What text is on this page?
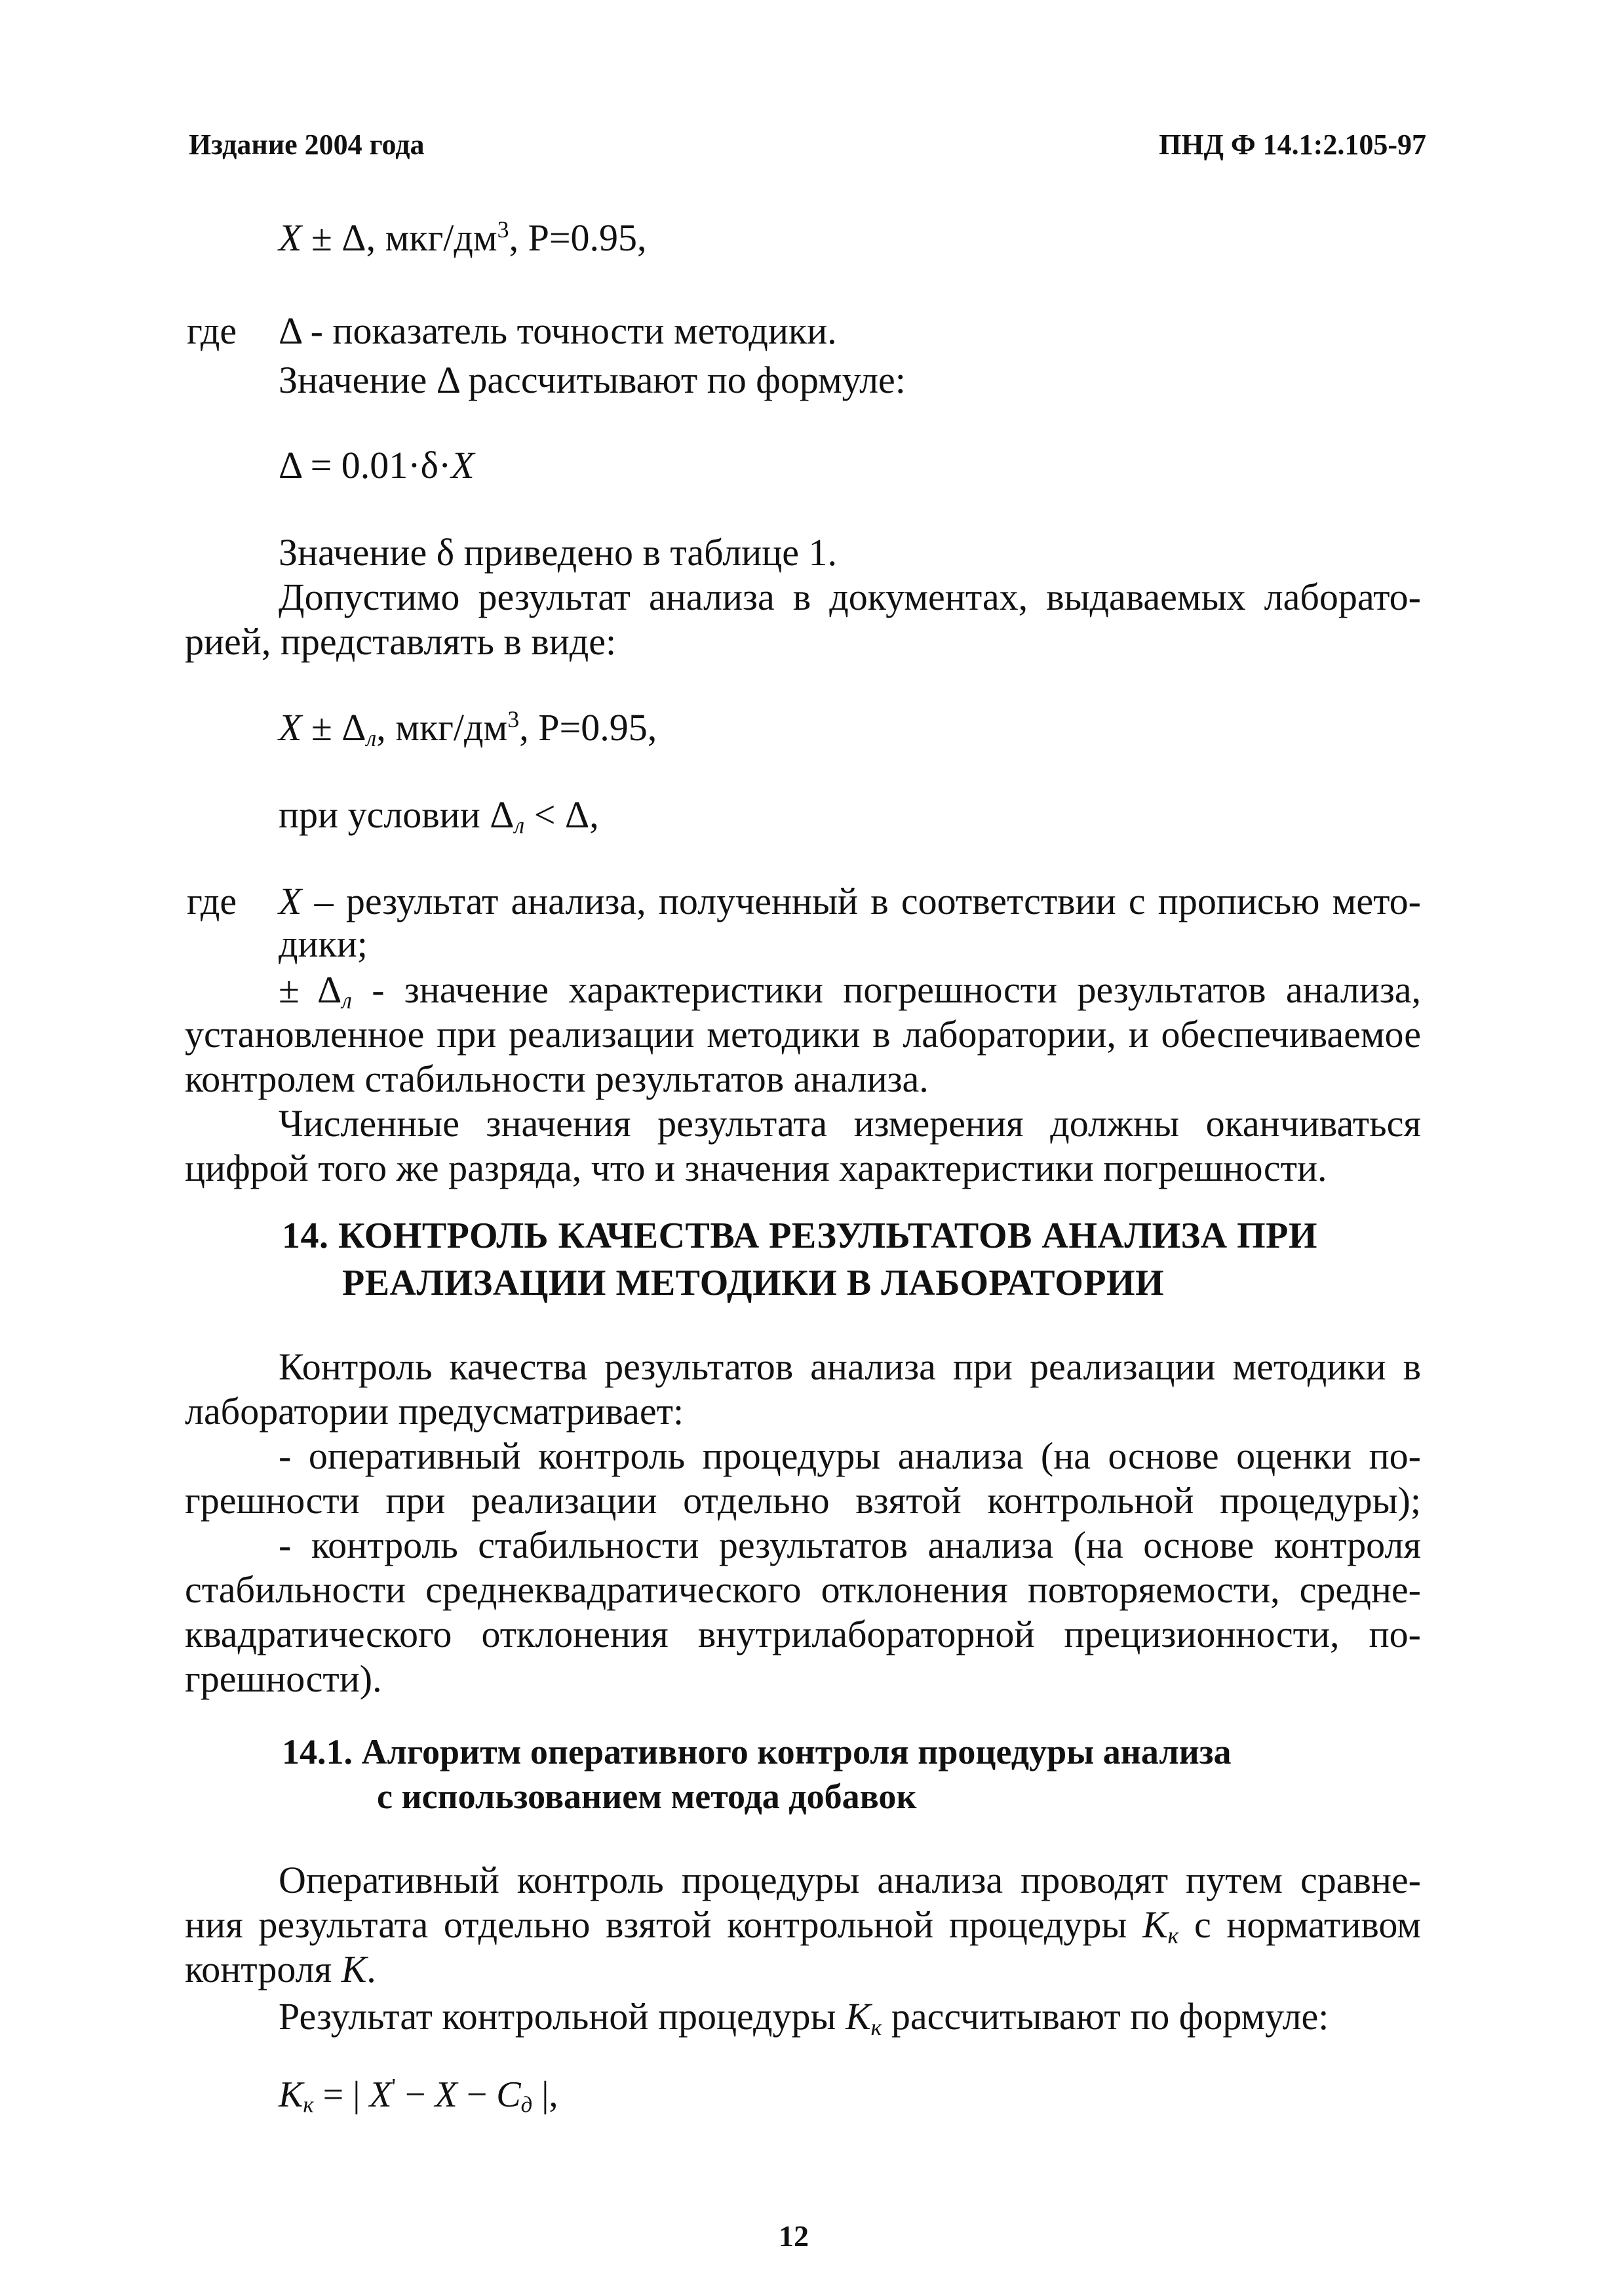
Издание 2004 года	ПНД Ф 14.1:2.105-97
X ± Δ, мкг/$дм^3$, Р=0.95,
где Δ - показатель точности методики.
Значение Δ рассчитывают по формуле:
Δ = 0.01·δ·X
Значение δ приведено в таблице 1.
Допустимо результат анализа в документах, выдаваемых лаборато-
рией, представлять в виде:
$X \pm \Delta_л$, мкг/$дм^3$, Р=0.95,
при условии $\Delta_л < \Delta$,
где X – результат анализа, полученный в соответствии с прописью мето-
дики;
± $\Delta_л$ - значение характеристики погрешности результатов анализа,
установленное при реализации методики в лаборатории, и обеспечиваемое
контролем стабильности результатов анализа.
Численные значения результата измерения должны оканчиваться
цифрой того же разряда, что и значения характеристики погрешности.
14. КОНТРОЛЬ КАЧЕСТВА РЕЗУЛЬТАТОВ АНАЛИЗА ПРИ
РЕАЛИЗАЦИИ МЕТОДИКИ В ЛАБОРАТОРИИ
Контроль качества результатов анализа при реализации методики в
лаборатории предусматривает:
- оперативный контроль процедуры анализа (на основе оценки по-
грешности при реализации отдельно взятой контрольной процедуры);
- контроль стабильности результатов анализа (на основе контроля
стабильности среднеквадратического отклонения повторяемости, средне-
квадратического отклонения внутрилабораторной прецизионности, по-
грешности).
14.1. Алгоритм оперативного контроля процедуры анализа
с использованием метода добавок
Оперативный контроль процедуры анализа проводят путем сравне-
ния результата отдельно взятой контрольной процедуры $К_к$ с нормативом
контроля К.
Результат контрольной процедуры $К_к$ рассчитывают по формуле:
$K_к$ = | $X' - X - C_д$ |,
12
